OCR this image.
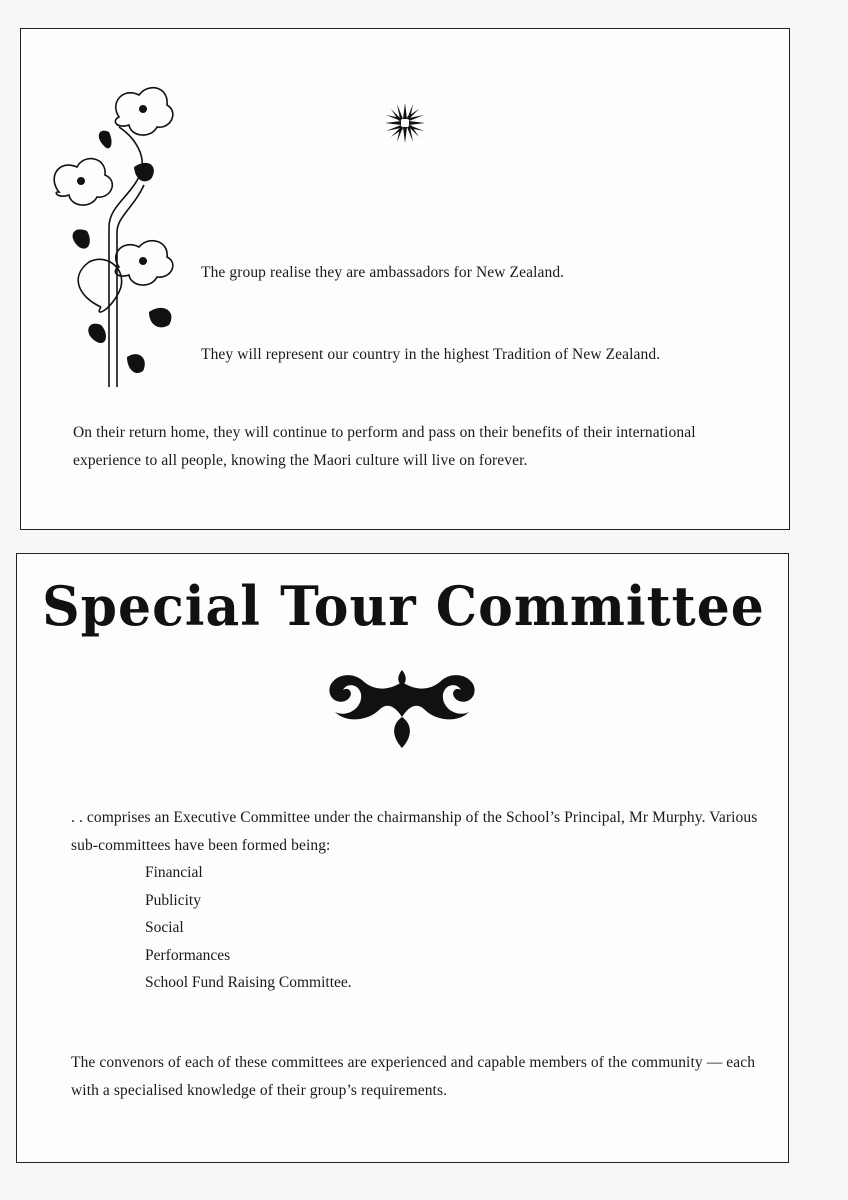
The group realise they are ambassadors for New Zealand.
They will represent our country in the highest Tradition of New Zealand.
On their return home, they will continue to perform and pass on their benefits of their international experience to all people, knowing the Maori culture will live on forever.
Special Tour Committee
. . comprises an Executive Committee under the chairmanship of the School’s Principal, Mr Murphy. Various sub-committees have been formed being:
Financial
Publicity
Social
Performances
School Fund Raising Committee.
The convenors of each of these committees are experienced and capable members of the community — each with a specialised knowledge of their group’s requirements.
